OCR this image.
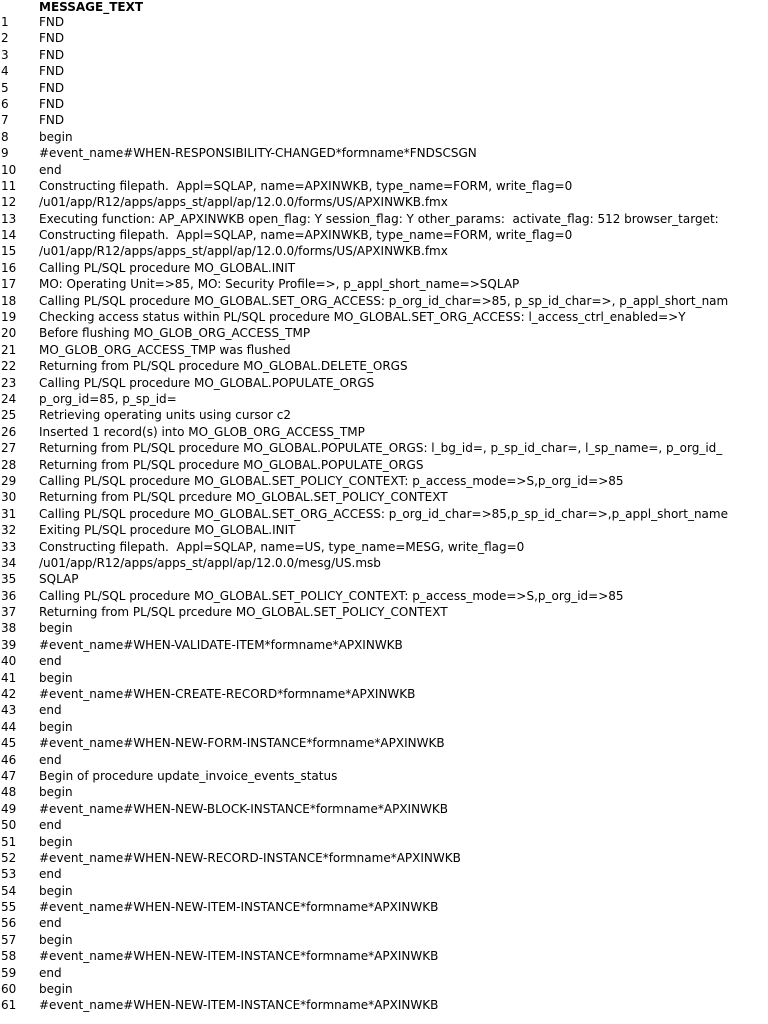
MESSAGE_TEXT
1	FND
2	FND
3	FND
4	FND
5	FND
6	FND
7	FND
8	begin
9	#event_name#WHEN-RESPONSIBILITY-CHANGED*formname*FNDSCSGN
10	end
11	Constructing filepath.  Appl=SQLAP, name=APXINWKB, type_name=FORM, write_flag=0
12	/u01/app/R12/apps/apps_st/appl/ap/12.0.0/forms/US/APXINWKB.fmx
13	Executing function: AP_APXINWKB open_flag: Y session_flag: Y other_params:  activate_flag: 512 browser_target:
14	Constructing filepath.  Appl=SQLAP, name=APXINWKB, type_name=FORM, write_flag=0
15	/u01/app/R12/apps/apps_st/appl/ap/12.0.0/forms/US/APXINWKB.fmx
16	Calling PL/SQL procedure MO_GLOBAL.INIT
17	MO: Operating Unit=>85, MO: Security Profile=>, p_appl_short_name=>SQLAP
18	Calling PL/SQL procedure MO_GLOBAL.SET_ORG_ACCESS: p_org_id_char=>85, p_sp_id_char=>, p_appl_short_nam
19	Checking access status within PL/SQL procedure MO_GLOBAL.SET_ORG_ACCESS: l_access_ctrl_enabled=>Y
20	Before flushing MO_GLOB_ORG_ACCESS_TMP
21	MO_GLOB_ORG_ACCESS_TMP was flushed
22	Returning from PL/SQL procedure MO_GLOBAL.DELETE_ORGS
23	Calling PL/SQL procedure MO_GLOBAL.POPULATE_ORGS
24	p_org_id=85, p_sp_id=
25	Retrieving operating units using cursor c2
26	Inserted 1 record(s) into MO_GLOB_ORG_ACCESS_TMP
27	Returning from PL/SQL procedure MO_GLOBAL.POPULATE_ORGS: l_bg_id=, p_sp_id_char=, l_sp_name=, p_org_id_
28	Returning from PL/SQL procedure MO_GLOBAL.POPULATE_ORGS
29	Calling PL/SQL procedure MO_GLOBAL.SET_POLICY_CONTEXT: p_access_mode=>S,p_org_id=>85
30	Returning from PL/SQL prcedure MO_GLOBAL.SET_POLICY_CONTEXT
31	Calling PL/SQL procedure MO_GLOBAL.SET_ORG_ACCESS: p_org_id_char=>85,p_sp_id_char=>,p_appl_short_name
32	Exiting PL/SQL procedure MO_GLOBAL.INIT
33	Constructing filepath.  Appl=SQLAP, name=US, type_name=MESG, write_flag=0
34	/u01/app/R12/apps/apps_st/appl/ap/12.0.0/mesg/US.msb
35	SQLAP
36	Calling PL/SQL procedure MO_GLOBAL.SET_POLICY_CONTEXT: p_access_mode=>S,p_org_id=>85
37	Returning from PL/SQL prcedure MO_GLOBAL.SET_POLICY_CONTEXT
38	begin
39	#event_name#WHEN-VALIDATE-ITEM*formname*APXINWKB
40	end
41	begin
42	#event_name#WHEN-CREATE-RECORD*formname*APXINWKB
43	end
44	begin
45	#event_name#WHEN-NEW-FORM-INSTANCE*formname*APXINWKB
46	end
47	Begin of procedure update_invoice_events_status
48	begin
49	#event_name#WHEN-NEW-BLOCK-INSTANCE*formname*APXINWKB
50	end
51	begin
52	#event_name#WHEN-NEW-RECORD-INSTANCE*formname*APXINWKB
53	end
54	begin
55	#event_name#WHEN-NEW-ITEM-INSTANCE*formname*APXINWKB
56	end
57	begin
58	#event_name#WHEN-NEW-ITEM-INSTANCE*formname*APXINWKB
59	end
60	begin
61	#event_name#WHEN-NEW-ITEM-INSTANCE*formname*APXINWKB
